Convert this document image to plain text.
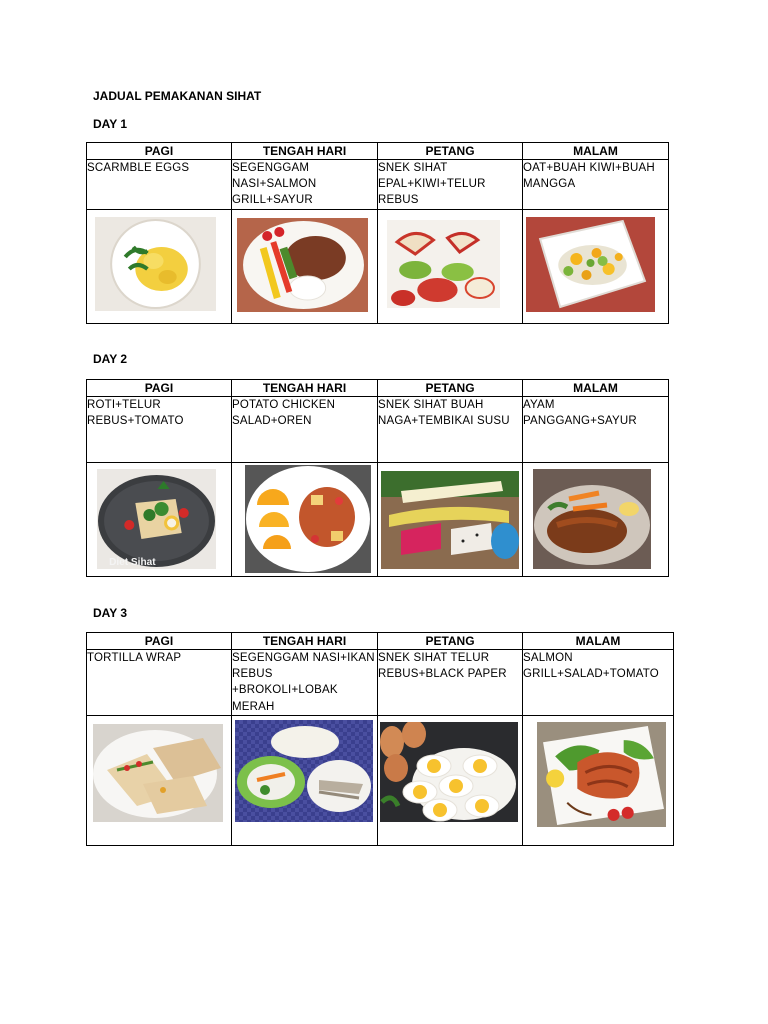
JADUAL PEMAKANAN SIHAT
DAY 1
PAGI	TENGAH HARI	PETANG	MALAM
SCARMBLE EGGS	SEGENGGAM NASI+SALMON GRILL+SAYUR	SNEK SIHAT EPAL+KIWI+TELUR REBUS	OAT+BUAH KIWI+BUAH MANGGA

DAY 2
PAGI	TENGAH HARI	PETANG	MALAM
ROTI+TELUR REBUS+TOMATO	POTATO CHICKEN SALAD+OREN	SNEK SIHAT BUAH NAGA+TEMBIKAI SUSU	AYAM PANGGANG+SAYUR

Diet Sihat

DAY 3
PAGI	TENGAH HARI	PETANG	MALAM
TORTILLA WRAP	SEGENGGAM NASI+IKAN REBUS +BROKOLI+LOBAK MERAH	SNEK SIHAT TELUR REBUS+BLACK PAPER	SALMON GRILL+SALAD+TOMATO
